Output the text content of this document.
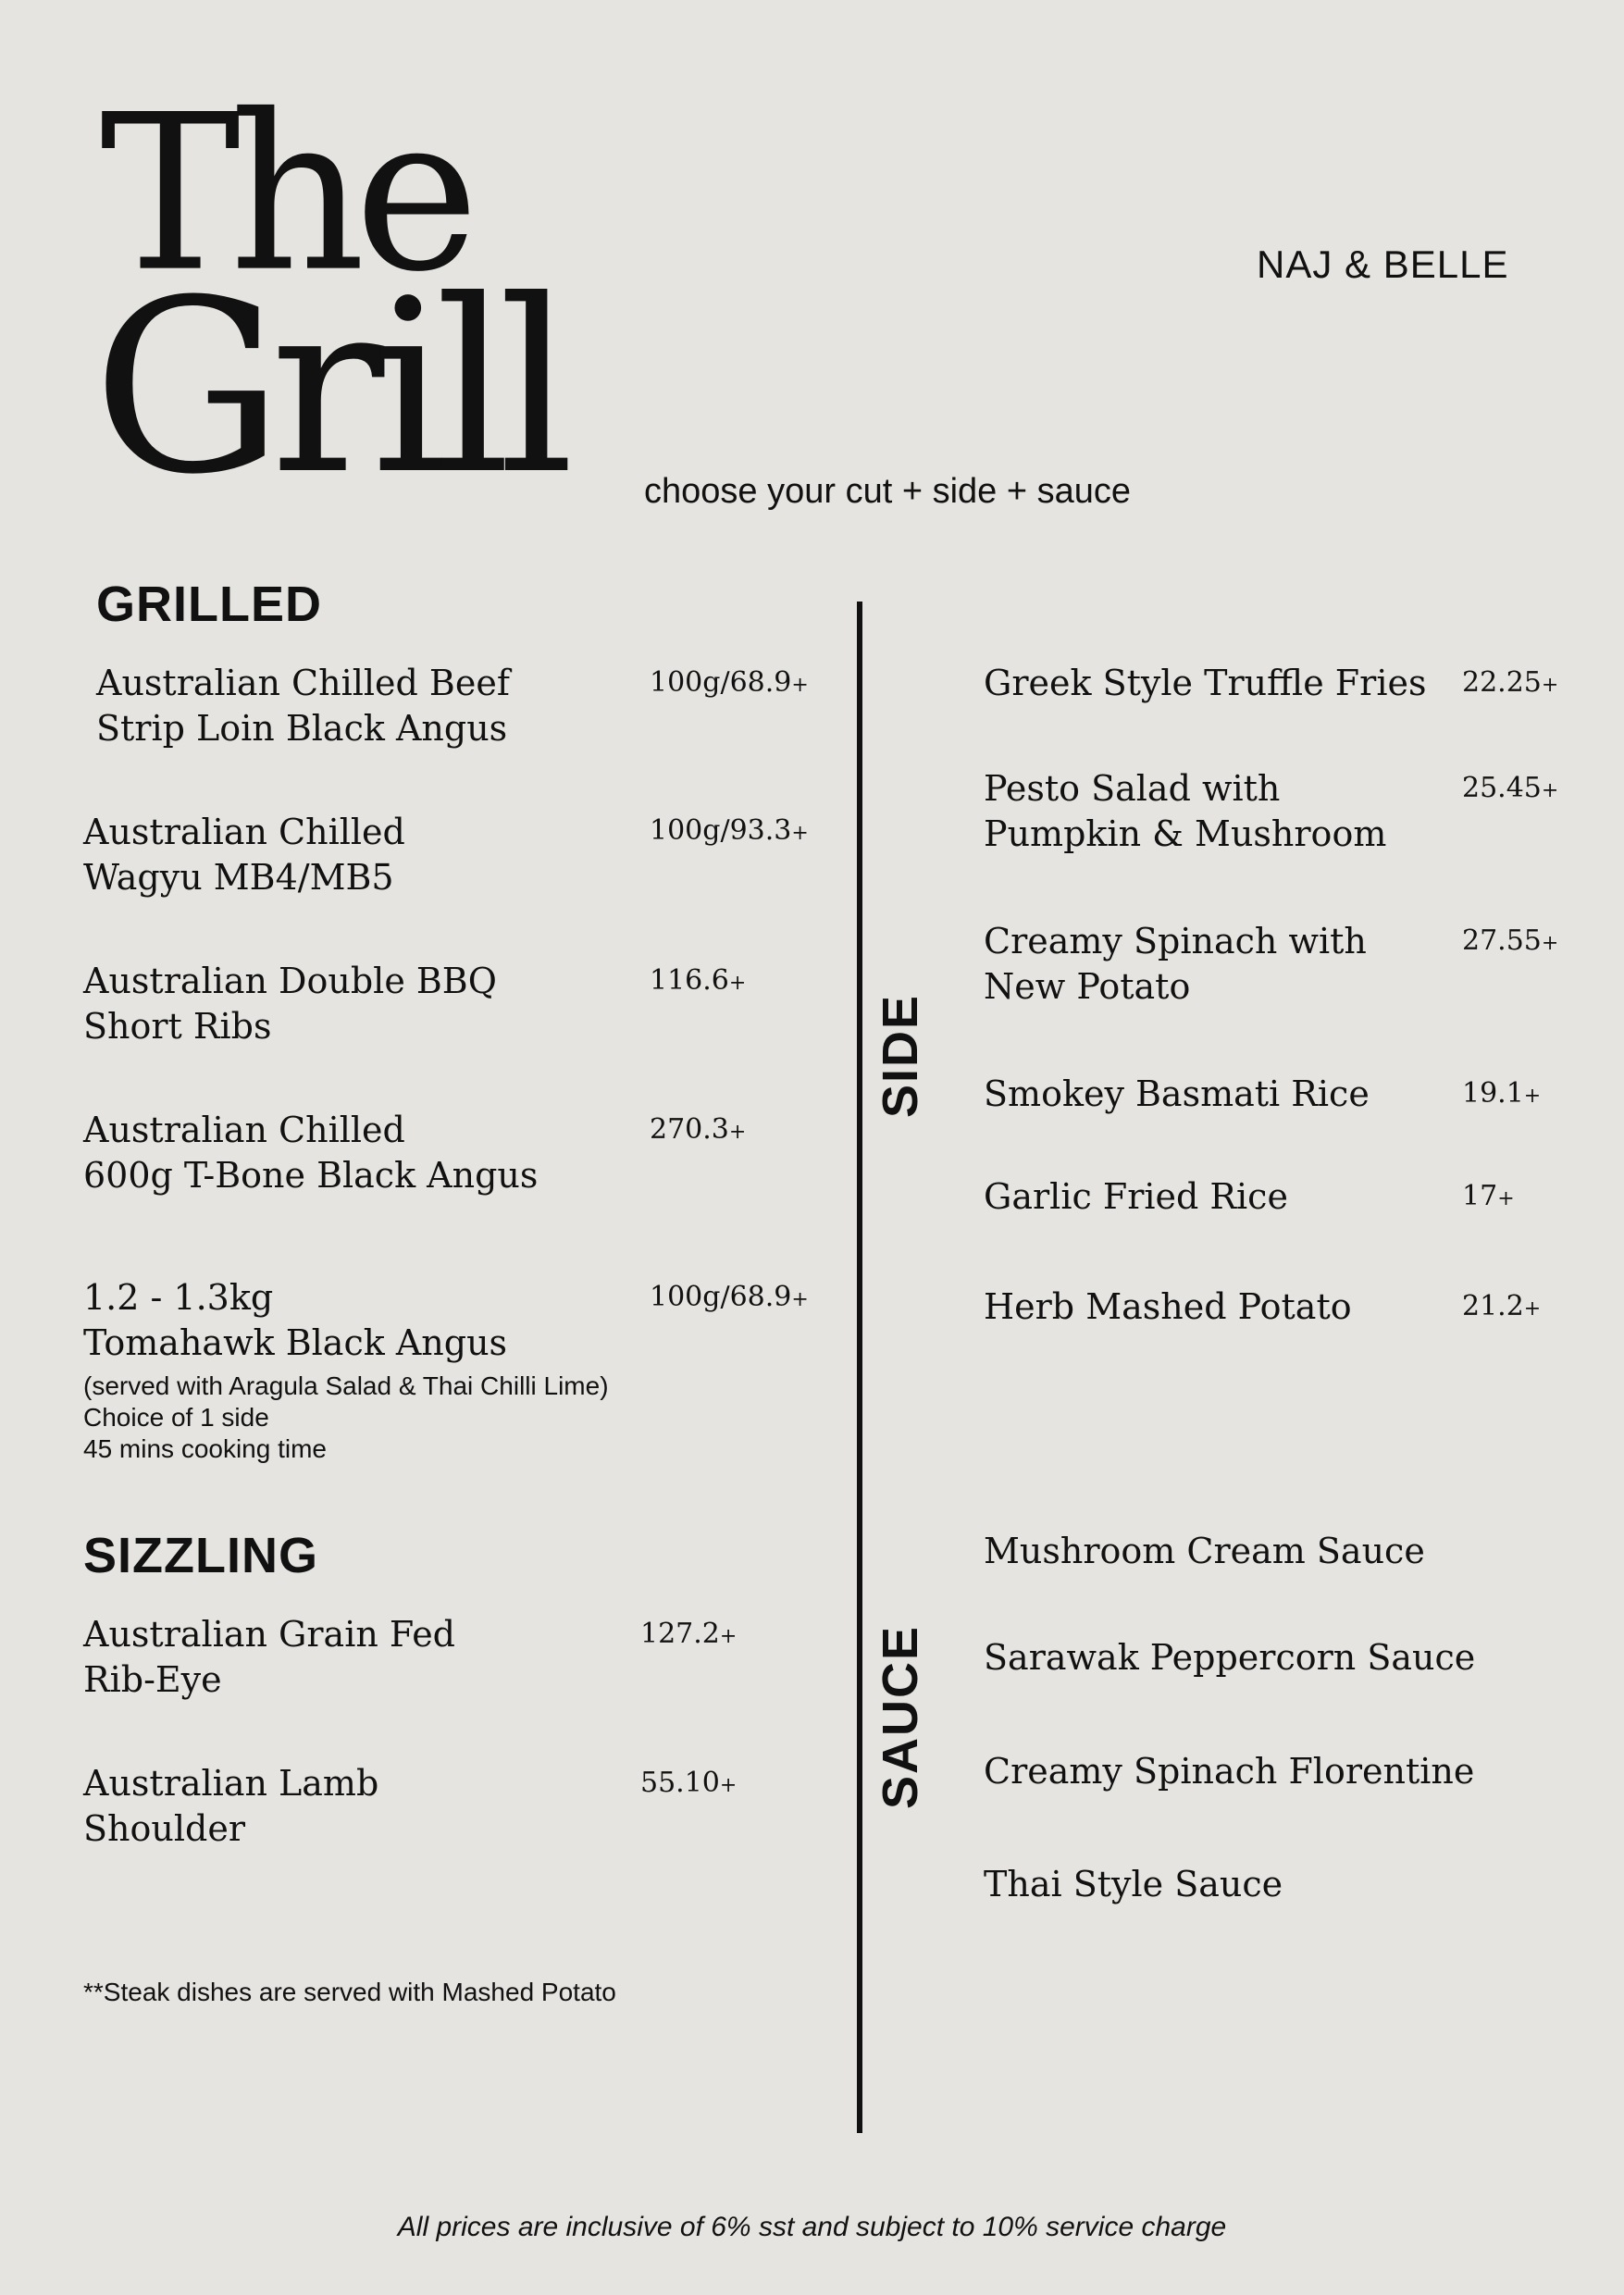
The
Grill	NAJ & BELLE
choose your cut + side + sauce
GRILLED
Australian Chilled Beef
Strip Loin Black Angus
100g/68.9+
Australian Chilled
Wagyu MB4/MB5
100g/93.3+
Australian Double BBQ
Short Ribs
116.6+
Australian Chilled
600g T-Bone Black Angus
270.3+
1.2 - 1.3kg
Tomahawk Black Angus
100g/68.9+
(served with Aragula Salad & Thai Chilli Lime)
Choice of 1 side
45 mins cooking time
SIZZLING
Australian Grain Fed
Rib-Eye
127.2+
Australian Lamb
Shoulder
55.10+
**Steak dishes are served with Mashed Potato
SIDE
SAUCE
Greek Style Truffle Fries 22.25+
Pesto Salad with
Pumpkin & Mushroom
25.45+
Creamy Spinach with
New Potato
27.55+
Smokey Basmati Rice	19.1+
Garlic Fried Rice	17+
Herb Mashed Potato	21.2+
Mushroom Cream Sauce
Sarawak Peppercorn Sauce
Creamy Spinach Florentine
Thai Style Sauce
All prices are inclusive of 6% sst and subject to 10% service charge
